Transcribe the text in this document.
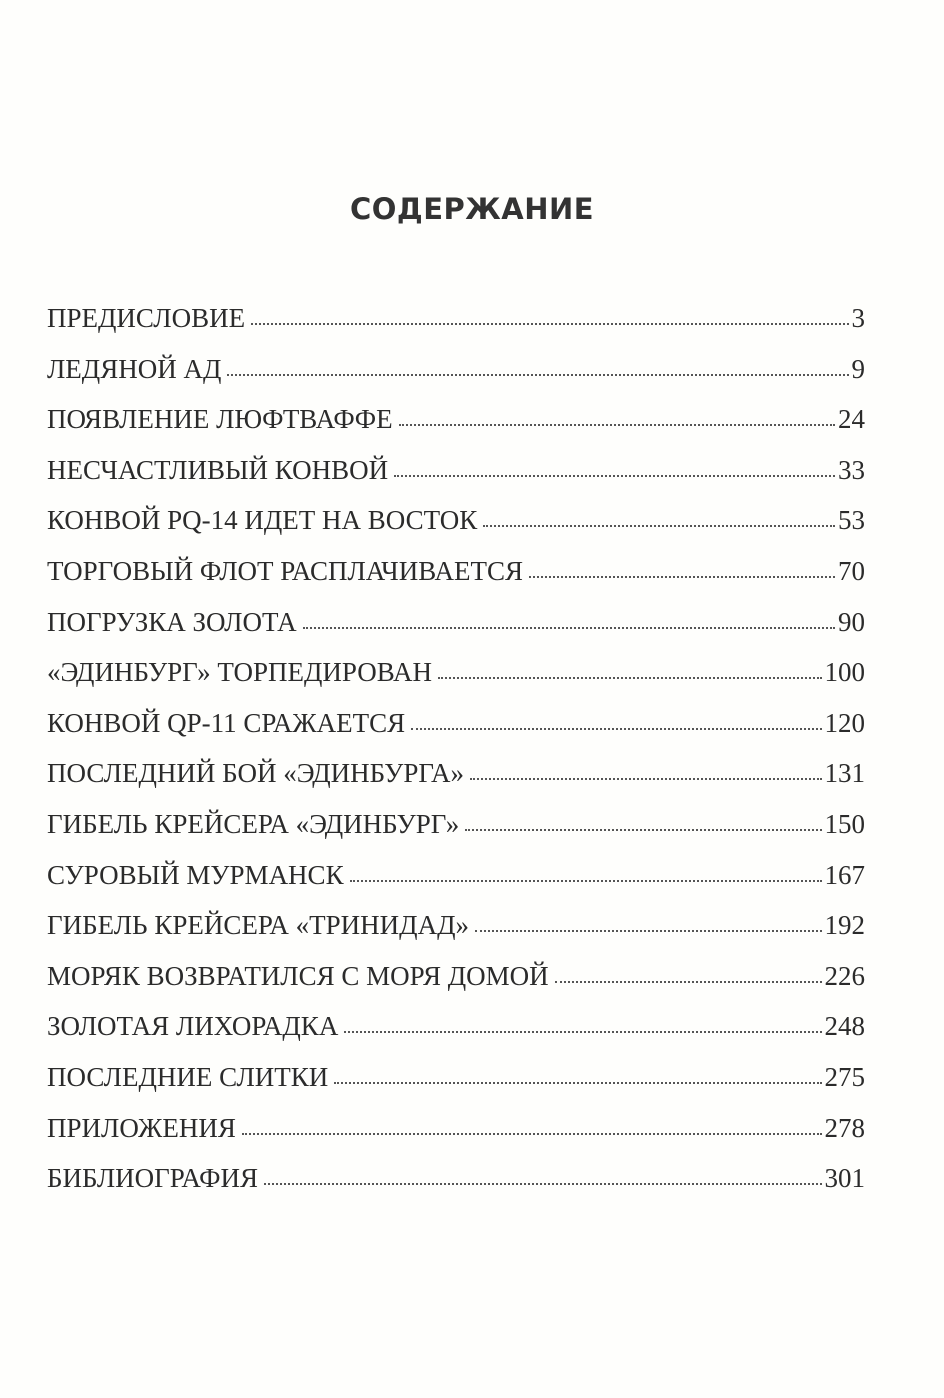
СОДЕРЖАНИЕ
ПРЕДИСЛОВИЕ	3
ЛЕДЯНОЙ АД	9
ПОЯВЛЕНИЕ ЛЮФТВАФФЕ	24
НЕСЧАСТЛИВЫЙ КОНВОЙ	33
КОНВОЙ PQ-14 ИДЕТ НА ВОСТОК	53
ТОРГОВЫЙ ФЛОТ РАСПЛАЧИВАЕТСЯ	70
ПОГРУЗКА ЗОЛОТА	90
«ЭДИНБУРГ» ТОРПЕДИРОВАН	100
КОНВОЙ QP-11 СРАЖАЕТСЯ	120
ПОСЛЕДНИЙ БОЙ «ЭДИНБУРГА»	131
ГИБЕЛЬ КРЕЙСЕРА «ЭДИНБУРГ»	150
СУРОВЫЙ МУРМАНСК	167
ГИБЕЛЬ КРЕЙСЕРА «ТРИНИДАД»	192
МОРЯК ВОЗВРАТИЛСЯ С МОРЯ ДОМОЙ	226
ЗОЛОТАЯ ЛИХОРАДКА	248
ПОСЛЕДНИЕ СЛИТКИ	275
ПРИЛОЖЕНИЯ	278
БИБЛИОГРАФИЯ	301
